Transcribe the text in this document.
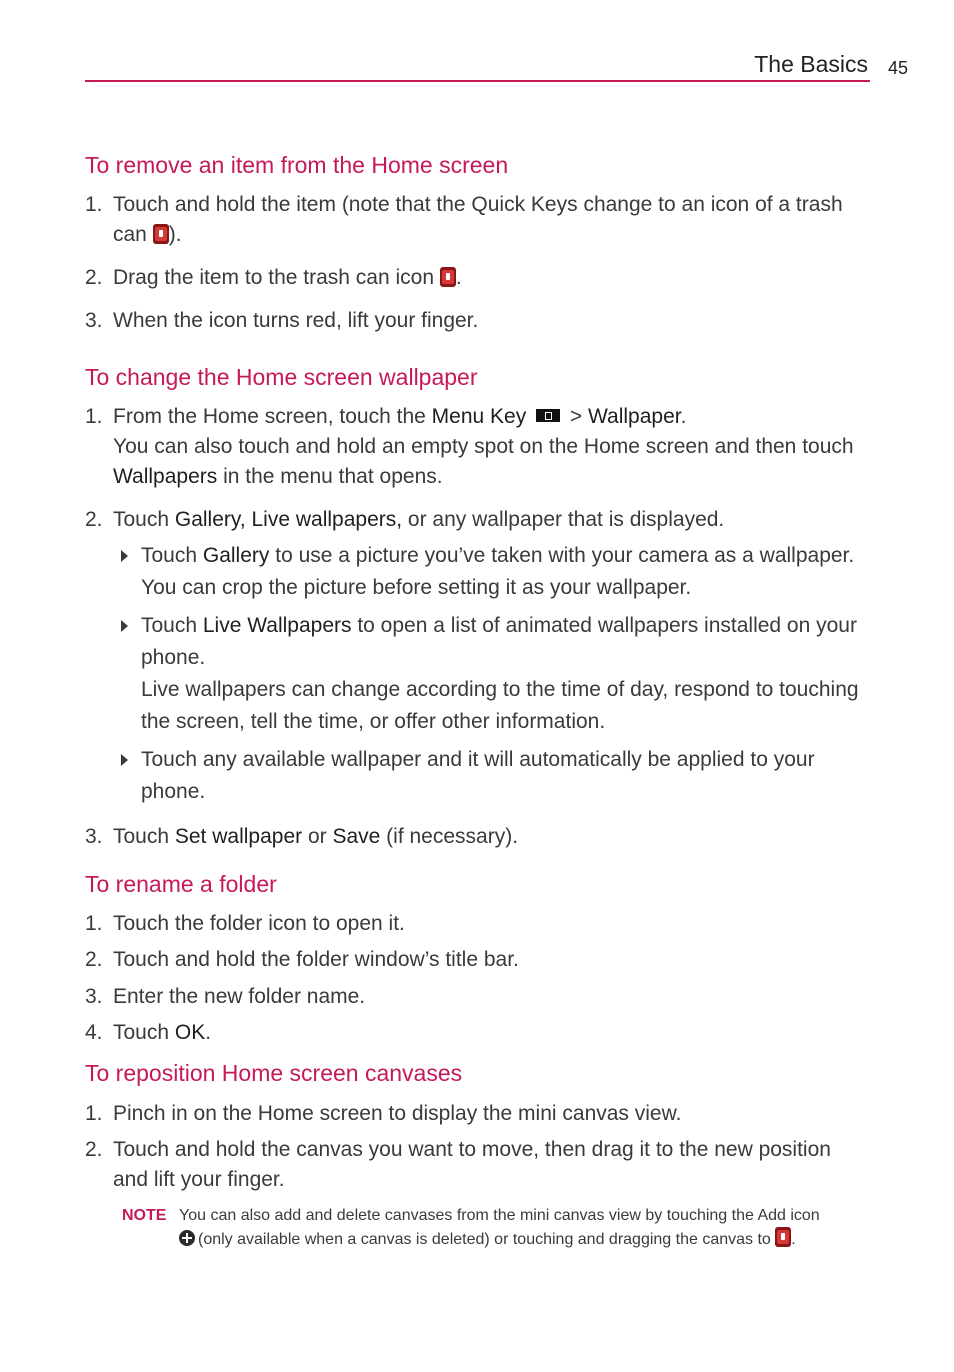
The Basics 45
To remove an item from the Home screen
1. Touch and hold the item (note that the Quick Keys change to an icon of a trash can ).
2. Drag the item to the trash can icon .
3. When the icon turns red, lift your finger.
To change the Home screen wallpaper
1. From the Home screen, touch the Menu Key  > Wallpaper.
You can also touch and hold an empty spot on the Home screen and then touch Wallpapers in the menu that opens.
2. Touch Gallery, Live wallpapers, or any wallpaper that is displayed.
Touch Gallery to use a picture you’ve taken with your camera as a wallpaper. You can crop the picture before setting it as your wallpaper.
Touch Live Wallpapers to open a list of animated wallpapers installed on your phone.
Live wallpapers can change according to the time of day, respond to touching the screen, tell the time, or offer other information.
Touch any available wallpaper and it will automatically be applied to your phone.
3. Touch Set wallpaper or Save (if necessary).
To rename a folder
1. Touch the folder icon to open it.
2. Touch and hold the folder window’s title bar.
3. Enter the new folder name.
4. Touch OK.
To reposition Home screen canvases
1. Pinch in on the Home screen to display the mini canvas view.
2. Touch and hold the canvas you want to move, then drag it to the new position and lift your finger.
NOTE You can also add and delete canvases from the mini canvas view by touching the Add icon
(only available when a canvas is deleted) or touching and dragging the canvas to .
